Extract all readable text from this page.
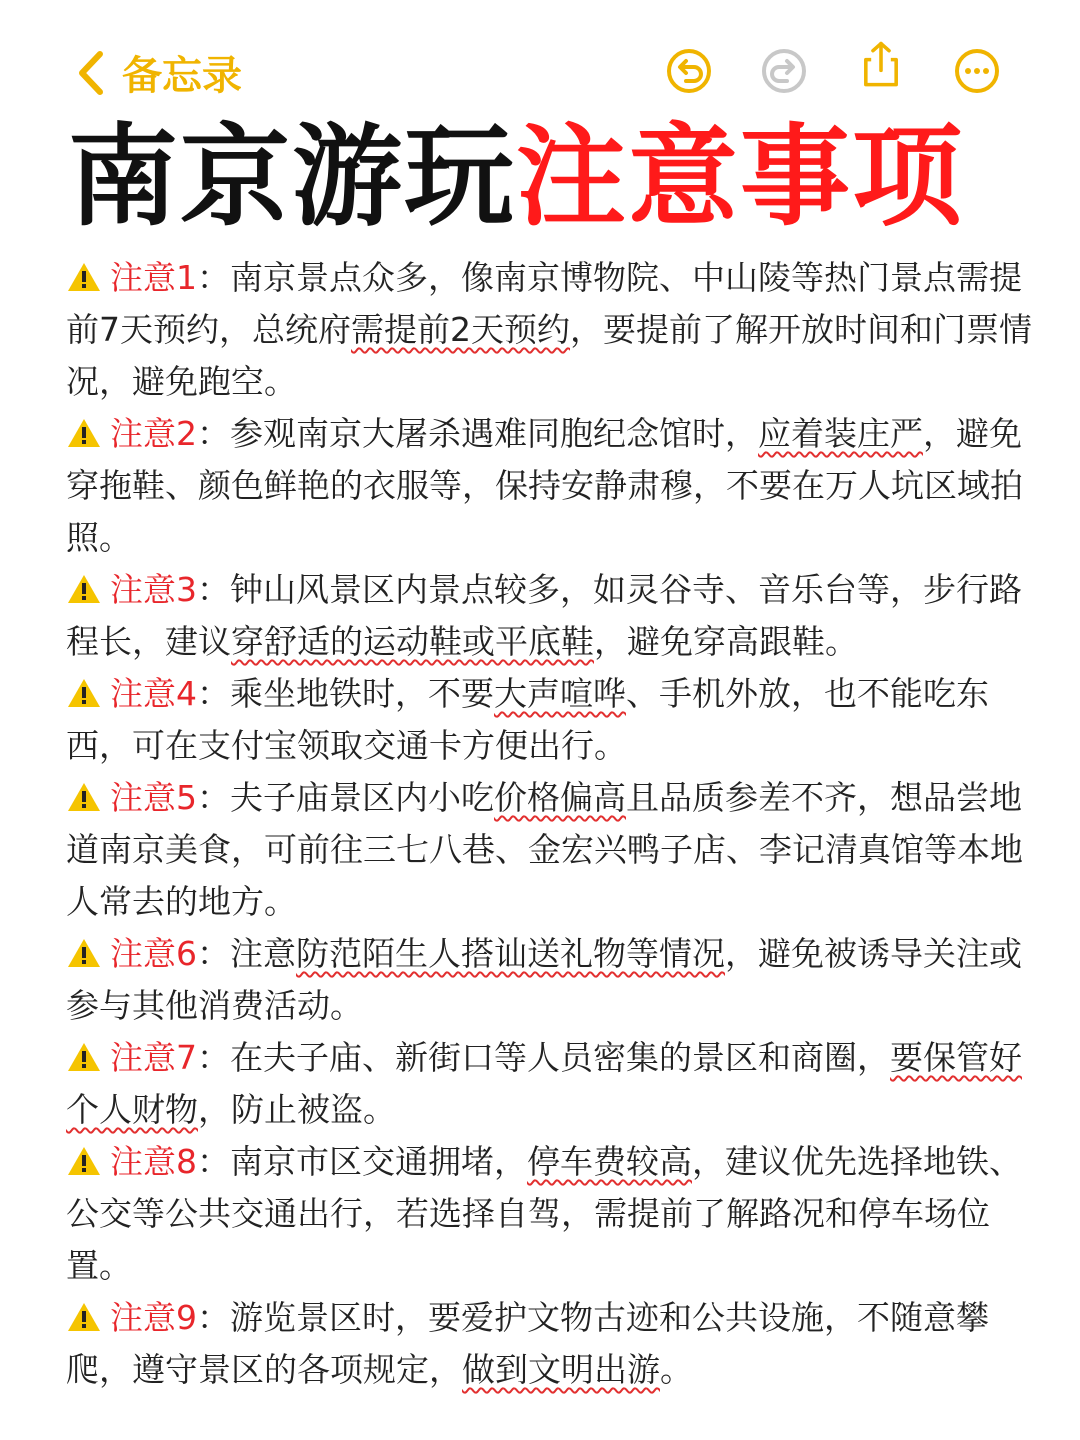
备忘录
南京游玩注意事项

注意1：南京景点众多，像南京博物院、中山陵等热门景点需提前7天预约，总统府需提前2天预约，要提前了解开放时间和门票情况，避免跑空。

注意2：参观南京大屠杀遇难同胞纪念馆时，应着装庄严，避免穿拖鞋、颜色鲜艳的衣服等，保持安静肃穆，不要在万人坑区域拍照。

注意3：钟山风景区内景点较多，如灵谷寺、音乐台等，步行路程长，建议穿舒适的运动鞋或平底鞋，避免穿高跟鞋。

注意4：乘坐地铁时，不要大声喧哗、手机外放，也不能吃东西，可在支付宝领取交通卡方便出行。

注意5：夫子庙景区内小吃价格偏高且品质参差不齐，想品尝地道南京美食，可前往三七八巷、金宏兴鸭子店、李记清真馆等本地人常去的地方。

注意6：注意防范陌生人搭讪送礼物等情况，避免被诱导关注或参与其他消费活动。

注意7：在夫子庙、新街口等人员密集的景区和商圈，要保管好个人财物，防止被盗。

注意8：南京市区交通拥堵，停车费较高，建议优先选择地铁、公交等公共交通出行，若选择自驾，需提前了解路况和停车场位置。

注意9：游览景区时，要爱护文物古迹和公共设施，不随意攀爬，遵守景区的各项规定，做到文明出游。
